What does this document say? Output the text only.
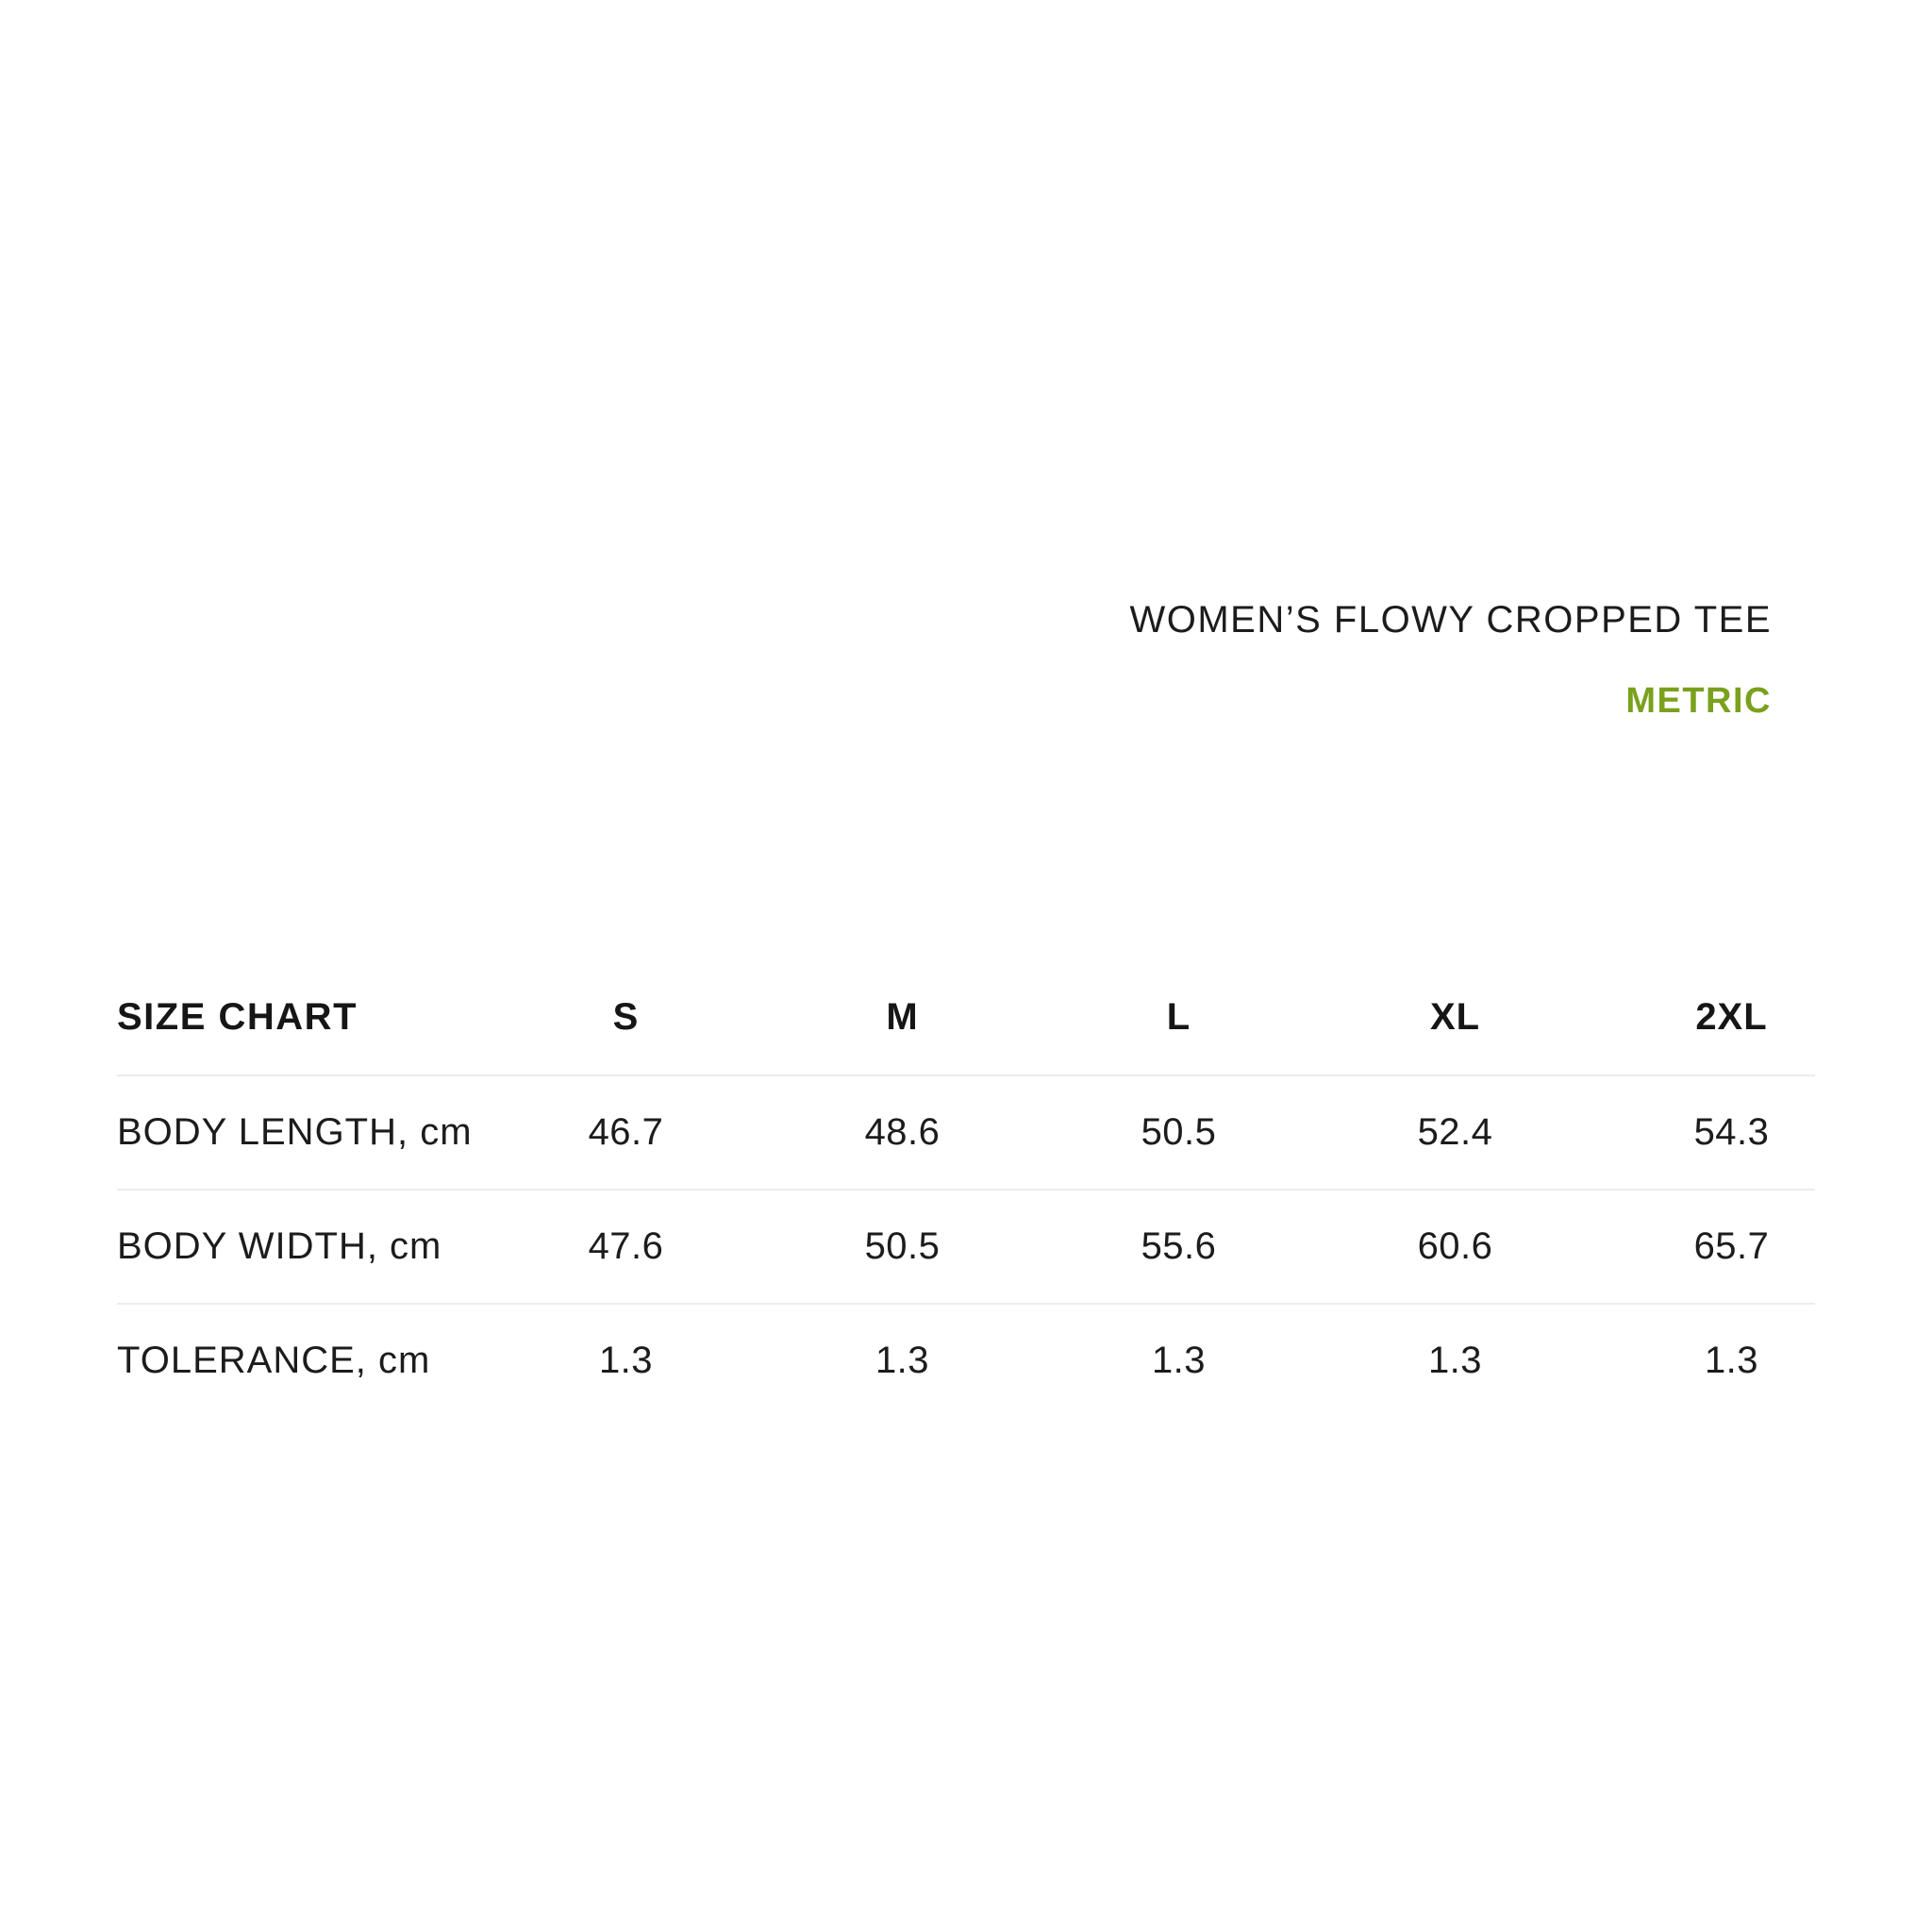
WOMEN’S FLOWY CROPPED TEE
METRIC
SIZE CHART	S	M	L	XL	2XL
BODY LENGTH, cm	46.7	48.6	50.5	52.4	54.3
BODY WIDTH, cm	47.6	50.5	55.6	60.6	65.7
TOLERANCE, cm	1.3	1.3	1.3	1.3	1.3
